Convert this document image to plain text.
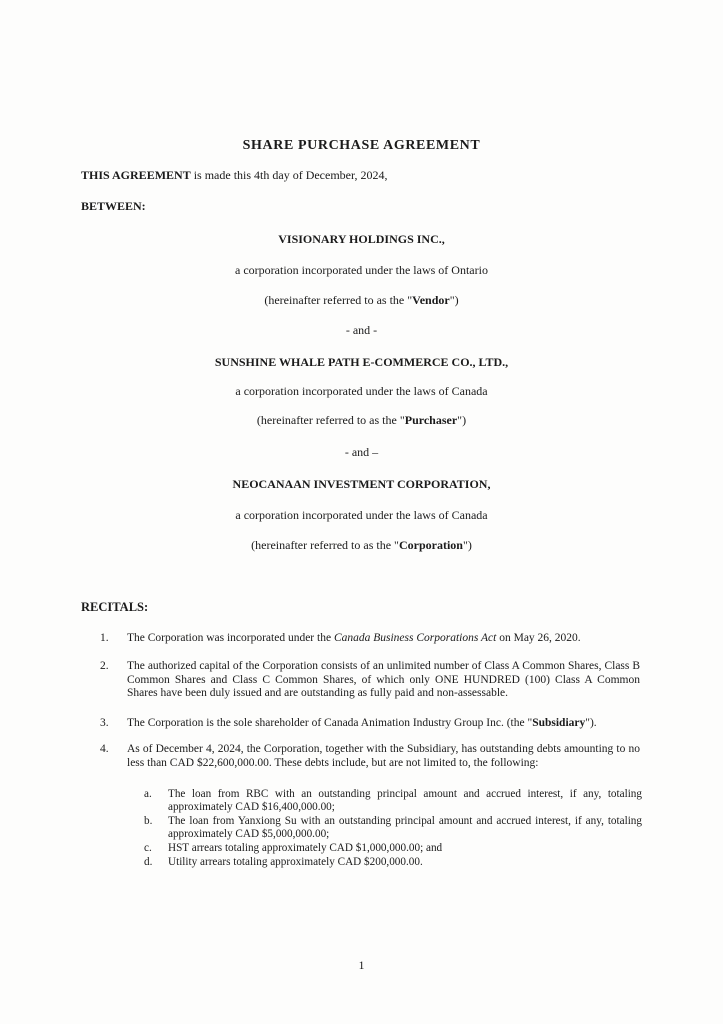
SHARE PURCHASE AGREEMENT
THIS AGREEMENT is made this 4th day of December, 2024,
BETWEEN:
VISIONARY HOLDINGS INC.,
a corporation incorporated under the laws of Ontario
(hereinafter referred to as the "Vendor")
- and -
SUNSHINE WHALE PATH E-COMMERCE CO., LTD.,
a corporation incorporated under the laws of Canada
(hereinafter referred to as the "Purchaser")
- and –
NEOCANAAN INVESTMENT CORPORATION,
a corporation incorporated under the laws of Canada
(hereinafter referred to as the "Corporation")
RECITALS:
1.	The Corporation was incorporated under the Canada Business Corporations Act on May 26, 2020.
2.	The authorized capital of the Corporation consists of an unlimited number of Class A Common Shares, Class B Common Shares and Class C Common Shares, of which only ONE HUNDRED (100) Class A Common Shares have been duly issued and are outstanding as fully paid and non-assessable.
3.	The Corporation is the sole shareholder of Canada Animation Industry Group Inc. (the "Subsidiary").
4.	As of December 4, 2024, the Corporation, together with the Subsidiary, has outstanding debts amounting to no less than CAD $22,600,000.00. These debts include, but are not limited to, the following:
a. The loan from RBC with an outstanding principal amount and accrued interest, if any, totaling approximately CAD $16,400,000.00;
b. The loan from Yanxiong Su with an outstanding principal amount and accrued interest, if any, totaling approximately CAD $5,000,000.00;
c. HST arrears totaling approximately CAD $1,000,000.00; and
d. Utility arrears totaling approximately CAD $200,000.00.
1
